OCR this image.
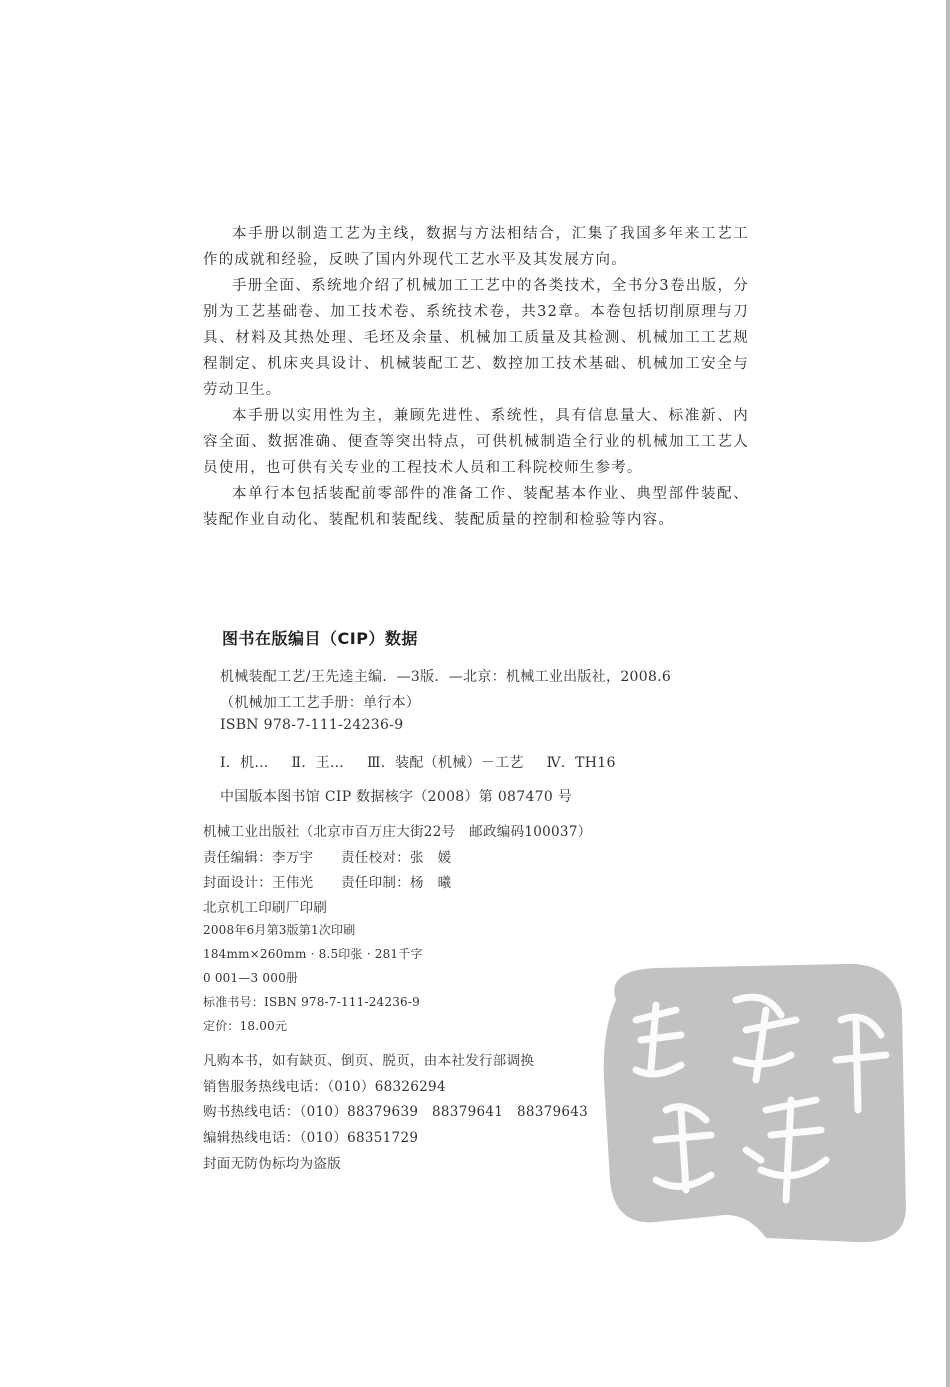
本手册以制造工艺为主线，数据与方法相结合，汇集了我国多年来工艺工作的成就和经验，反映了国内外现代工艺水平及其发展方向。

手册全面、系统地介绍了机械加工工艺中的各类技术，全书分3卷出版，分别为工艺基础卷、加工技术卷、系统技术卷，共32章。本卷包括切削原理与刀具、材料及其热处理、毛坯及余量、机械加工质量及其检测、机械加工工艺规程制定、机床夹具设计、机械装配工艺、数控加工技术基础、机械加工安全与劳动卫生。

本手册以实用性为主，兼顾先进性、系统性，具有信息量大、标准新、内容全面、数据准确、便查等突出特点，可供机械制造全行业的机械加工工艺人员使用，也可供有关专业的工程技术人员和工科院校师生参考。

本单行本包括装配前零部件的准备工作、装配基本作业、典型部件装配、装配作业自动化、装配机和装配线、装配质量的控制和检验等内容。

图书在版编目（CIP）数据
机械装配工艺/王先逵主编．—3版．—北京：机械工业出版社，2008.6
（机械加工工艺手册：单行本）
ISBN 978-7-111-24236-9
Ⅰ．机… Ⅱ．王… Ⅲ．装配（机械）－工艺 Ⅳ．TH16
中国版本图书馆 CIP 数据核字（2008）第 087470 号
机械工业出版社（北京市百万庄大街22号　邮政编码100037）
责任编辑：李万宇　　责任校对：张　媛
封面设计：王伟光　　责任印制：杨　曦
北京机工印刷厂印刷
2008年6月第3版第1次印刷
184mm×260mm · 8.5印张 · 281千字
0 001—3 000册
标准书号：ISBN 978-7-111-24236-9
定价：18.00元
凡购本书，如有缺页、倒页、脱页，由本社发行部调换
销售服务热线电话：（010）68326294
购书热线电话：（010）88379639　88379641　88379643
编辑热线电话：（010）68351729
封面无防伪标均为盗版
